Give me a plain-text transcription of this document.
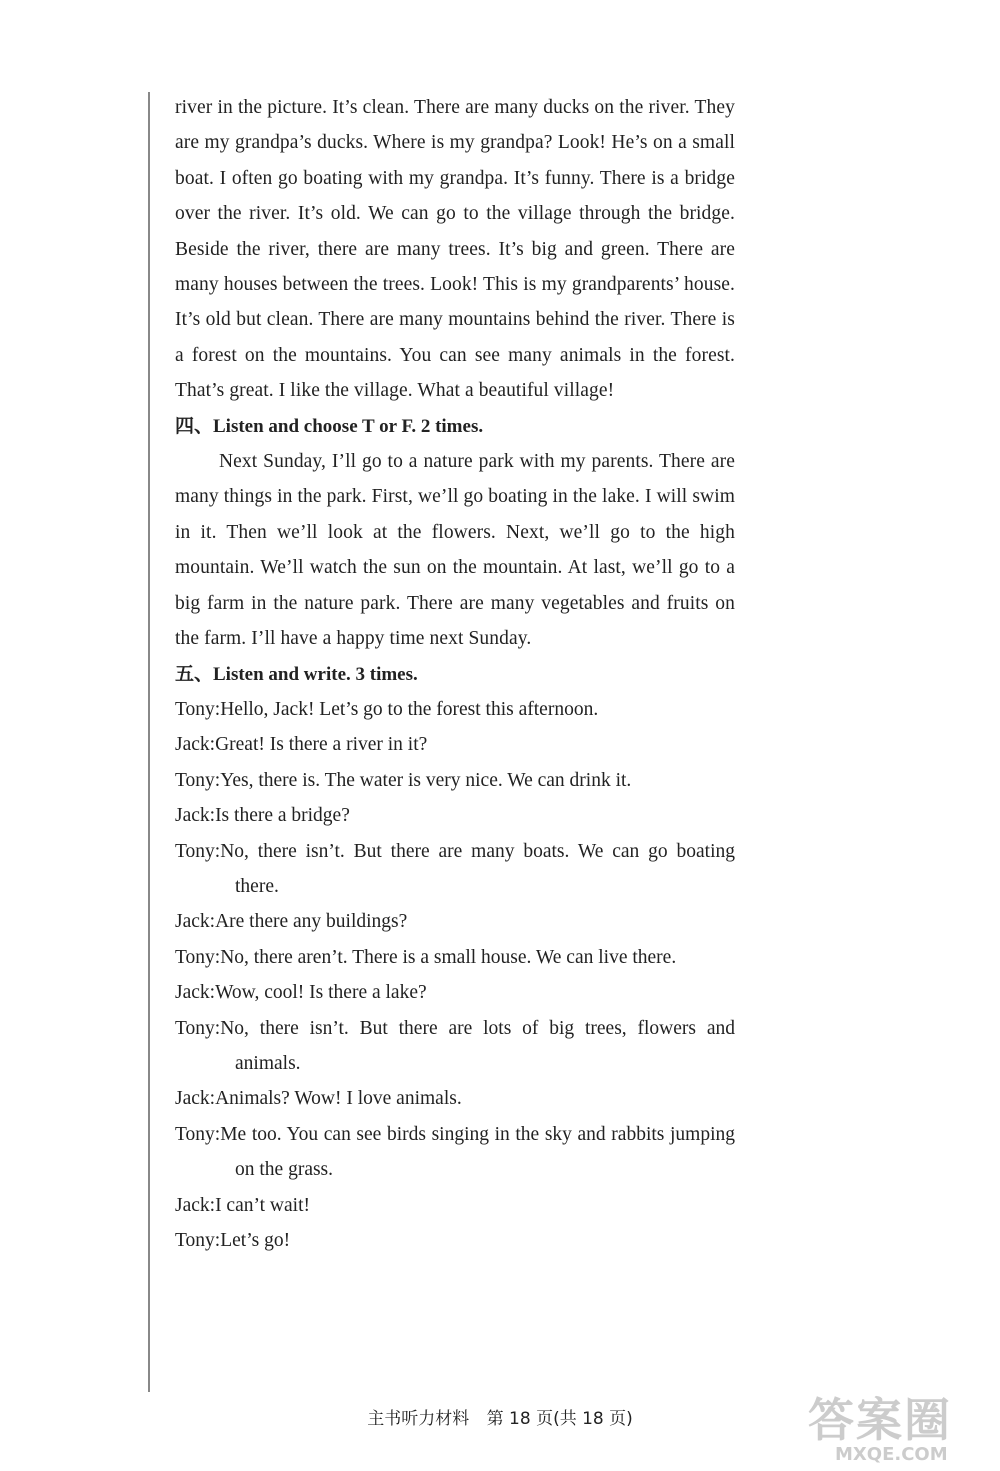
river in the picture. It’s clean. There are many ducks on the river. They are my grandpa’s ducks. Where is my grandpa? Look! He’s on a small boat. I often go boating with my grandpa. It’s funny. There is a bridge over the river. It’s old. We can go to the village through the bridge. Beside the river, there are many trees. It’s big and green. There are many houses between the trees. Look! This is my grandparents’ house. It’s old but clean. There are many mountains behind the river. There is a forest on the mountains. You can see many animals in the forest. That’s great. I like the village. What a beautiful village!

四、Listen and choose T or F. 2 times.

Next Sunday, I’ll go to a nature park with my parents. There are many things in the park. First, we’ll go boating in the lake. I will swim in it. Then we’ll look at the flowers. Next, we’ll go to the high mountain. We’ll watch the sun on the mountain. At last, we’ll go to a big farm in the nature park. There are many vegetables and fruits on the farm. I’ll have a happy time next Sunday.

五、Listen and write. 3 times.

Tony:Hello, Jack! Let’s go to the forest this afternoon.

Jack:Great! Is there a river in it?

Tony:Yes, there is. The water is very nice. We can drink it.

Jack:Is there a bridge?

Tony:No, there isn’t. But there are many boats. We can go boating there.

Jack:Are there any buildings?

Tony:No, there aren’t. There is a small house. We can live there.

Jack:Wow, cool! Is there a lake?

Tony:No, there isn’t. But there are lots of big trees, flowers and animals.

Jack:Animals? Wow! I love animals.

Tony:Me too. You can see birds singing in the sky and rabbits jumping on the grass.

Jack:I can’t wait!

Tony:Let’s go!

主书听力材料 第 18 页(共 18 页)	答案圈
MXQE.COM
